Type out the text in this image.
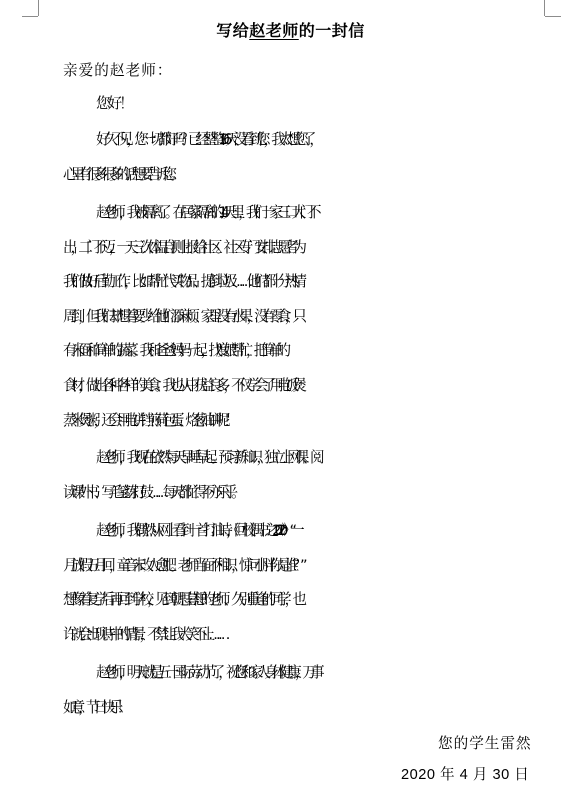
写给赵老师的一封信

亲爱的赵老师：

您好！

好久不见，您一切都好吗？已经整整106天没看到您，我太想您了，
心里有很多很多的话想要告诉您。
赵老师，我被隔离了。在居家隔离的14天里，我们一家三口大门不
出，二门不迈，一天三次体温自测上报给社区。社区专门安排志愿者为
我们做好后勤工作，比如帮忙代买物品、提倒垃圾……他们都十分热情
周到，但我们却想着要少给他们添麻烦。家里没有水果，没有零食，只
有米面和简单的蔬菜。我和爸爸妈妈一起，找"度娘"帮忙，把简单的
食材，做出各种各样的美食。我也从中获益良多，不仅学会了用电饭煲
蒸米煲粥，还会用电饼铛煎荷包蛋、烙葱油饼呢！
赵老师，我现在依然每天早睡早起。预习新知识，独立上网课、阅
读课外书、写毛笔练打鼓……每天都忙得不亦乐乎。
赵老师，我偶然从网上看到一首打油诗，《回校偶书之2020》：“一
月放假五月回，童音未改人愈肥。老师当面不相识，惊问小胖你是谁？”
想像着复学后再回到学校，见到朝思暮想的老师、久别重逢的同学，也
许就会出现诗中的情景，不禁让我大笑不止……
赵老师，明天就是五一国际劳动节了，祝您和家人身体健康，万事
如意，节日快乐！
您的学生雷然
2020 年 4 月 30 日
